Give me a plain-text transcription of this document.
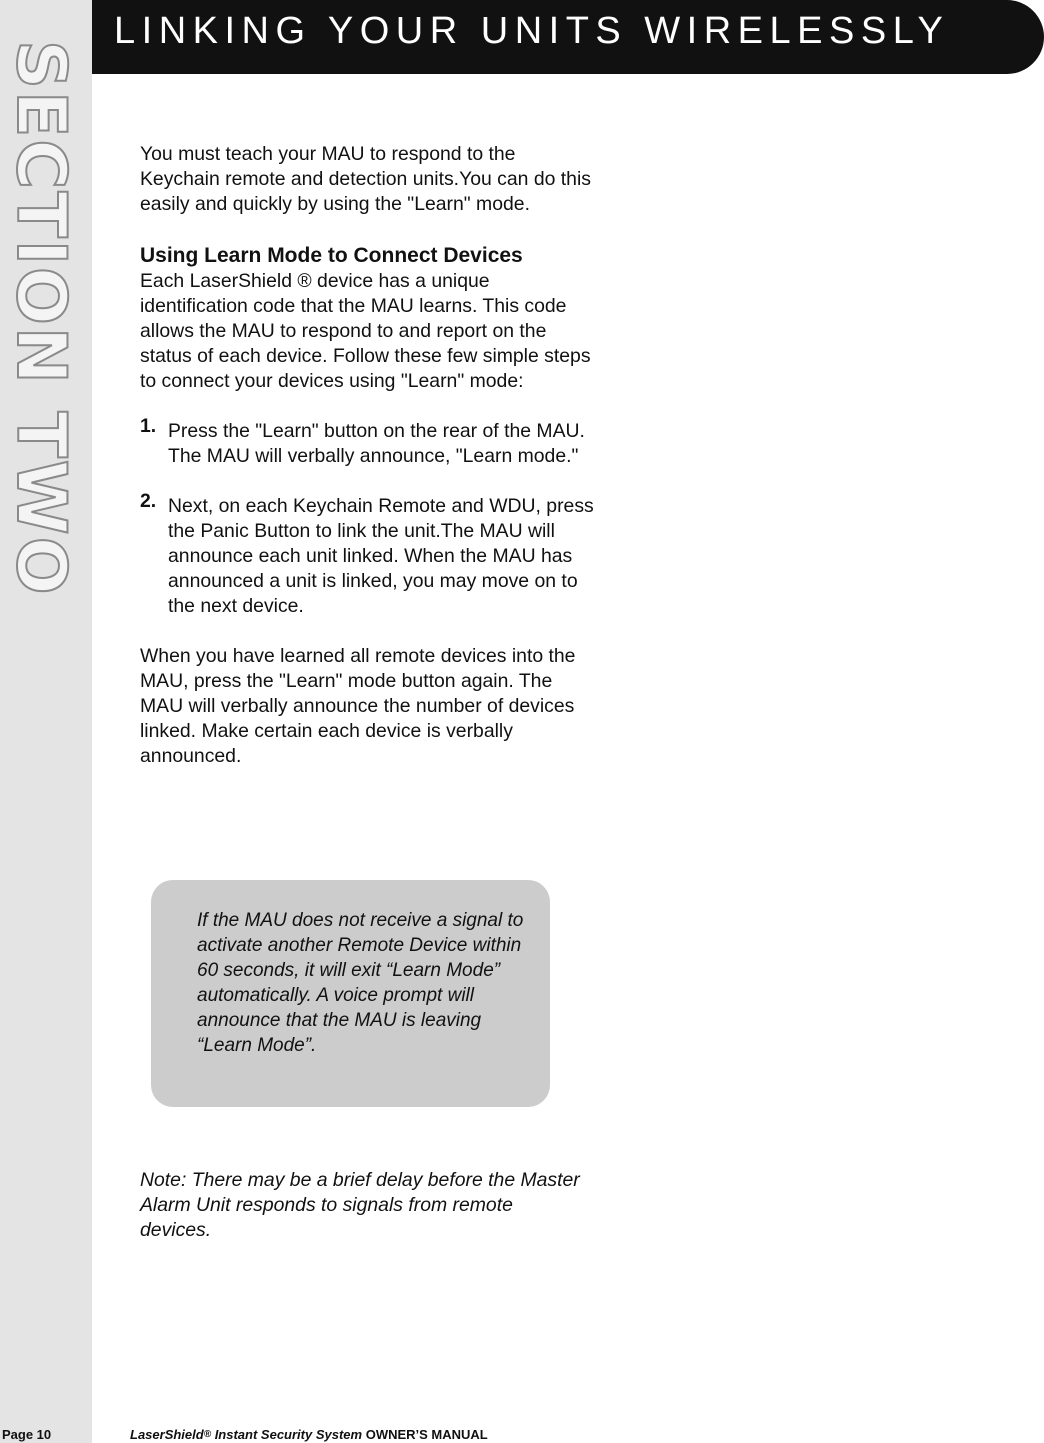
SECTION TWO
LINKING YOUR UNITS WIRELESSLY

You must teach your MAU to respond to the Keychain remote and detection units.You can do this easily and quickly by using the "Learn" mode.

Using Learn Mode to Connect Devices

Each LaserShield ® device has a unique identification code that the MAU learns. This code allows the MAU to respond to and report on the status of each device. Follow these few simple steps to connect your devices using "Learn" mode:

1. Press the "Learn" button on the rear of the MAU. The MAU will verbally announce, "Learn mode."
2. Next, on each Keychain Remote and WDU, press the Panic Button to link the unit.The MAU will announce each unit linked. When the MAU has announced a unit is linked, you may move on to the next device.

When you have learned all remote devices into the MAU, press the "Learn" mode button again. The MAU will verbally announce the number of devices linked. Make certain each device is verbally announced.

If the MAU does not receive a signal to activate another Remote Device within 60 seconds, it will exit “Learn Mode” automatically. A voice prompt will announce that the MAU is leaving “Learn Mode”.
Note: There may be a brief delay before the Master Alarm Unit responds to signals from remote devices.
Page 10	LaserShield® Instant Security System OWNER’S MANUAL
